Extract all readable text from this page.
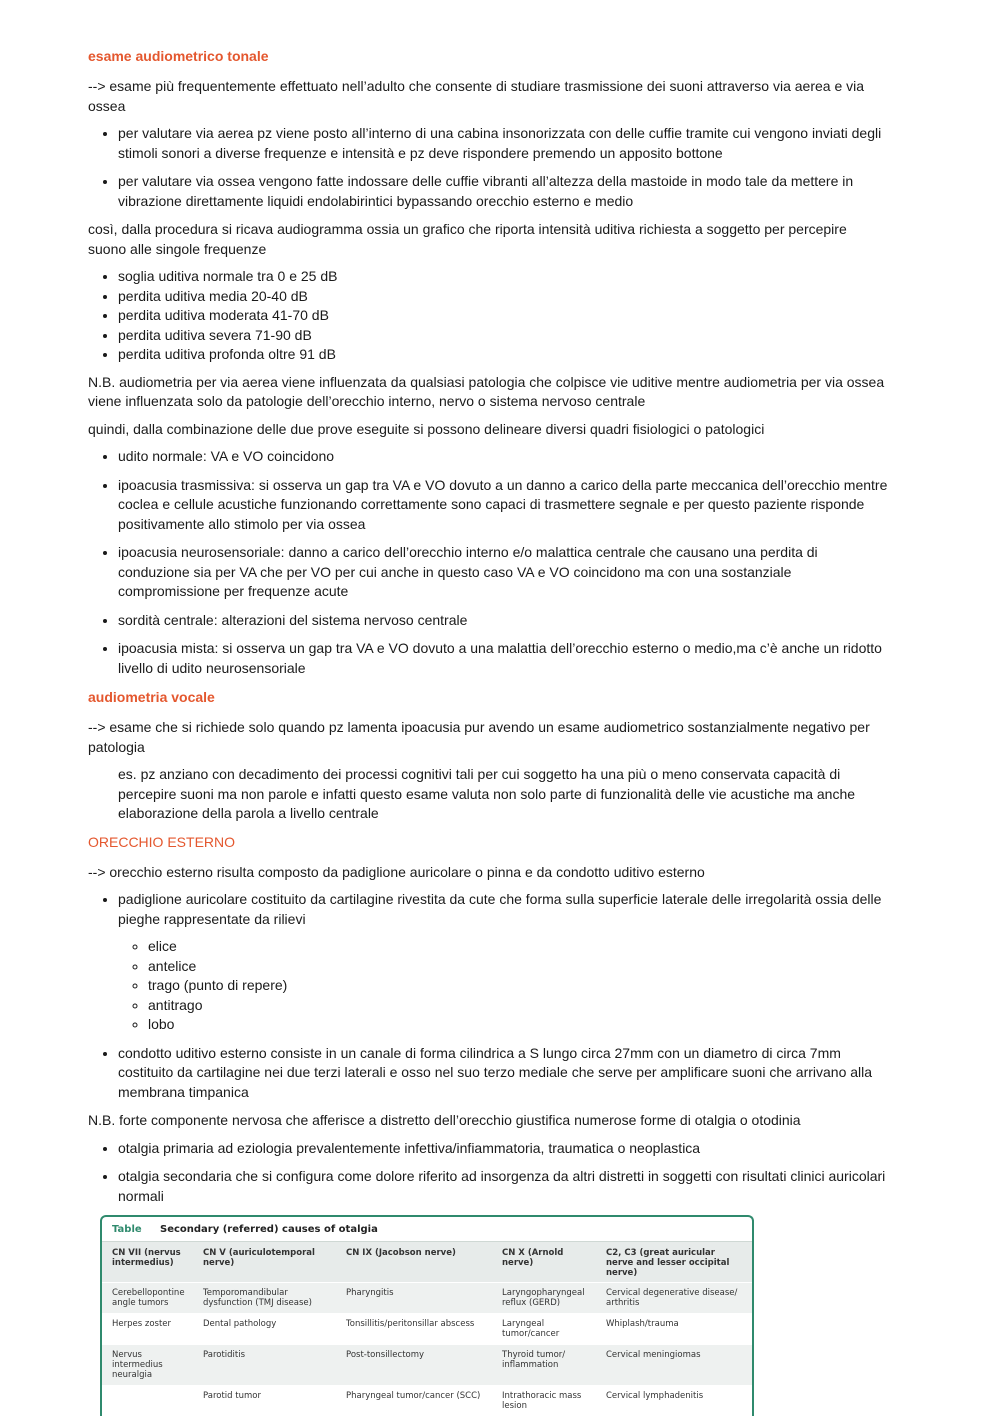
esame audiometrico tonale

--> esame più frequentemente effettuato nell’adulto che consente di studiare trasmissione dei suoni attraverso via aerea e via ossea

• per valutare via aerea pz viene posto all’interno di una cabina insonorizzata con delle cuffie tramite cui vengono inviati degli stimoli sonori a diverse frequenze e intensità e pz deve rispondere premendo un apposito bottone
• per valutare via ossea vengono fatte indossare delle cuffie vibranti all’altezza della mastoide in modo tale da mettere in vibrazione direttamente liquidi endolabirintici bypassando orecchio esterno e medio

così, dalla procedura si ricava audiogramma ossia un grafico che riporta intensità uditiva richiesta a soggetto per percepire suono alle singole frequenze

• soglia uditiva normale tra 0 e 25 dB
• perdita uditiva media 20-40 dB
• perdita uditiva moderata 41-70 dB
• perdita uditiva severa 71-90 dB
• perdita uditiva profonda oltre 91 dB

N.B. audiometria per via aerea viene influenzata da qualsiasi patologia che colpisce vie uditive mentre audiometria per via ossea viene influenzata solo da patologie dell’orecchio interno, nervo o sistema nervoso centrale

quindi, dalla combinazione delle due prove eseguite si possono delineare diversi quadri fisiologici o patologici

• udito normale: VA e VO coincidono
• ipoacusia trasmissiva: si osserva un gap tra VA e VO dovuto a un danno a carico della parte meccanica dell’orecchio mentre coclea e cellule acustiche funzionando correttamente sono capaci di trasmettere segnale e per questo paziente risponde positivamente allo stimolo per via ossea
• ipoacusia neurosensoriale: danno a carico dell’orecchio interno e/o malattica centrale che causano una perdita di conduzione sia per VA che per VO per cui anche in questo caso VA e VO coincidono ma con una sostanziale compromissione per frequenze acute
• sordità centrale: alterazioni del sistema nervoso centrale
• ipoacusia mista: si osserva un gap tra VA e VO dovuto a una malattia dell’orecchio esterno o medio,ma c’è anche un ridotto livello di udito neurosensoriale
audiometria vocale

--> esame che si richiede solo quando pz lamenta ipoacusia pur avendo un esame audiometrico sostanzialmente negativo per patologia

es. pz anziano con decadimento dei processi cognitivi tali per cui soggetto ha una più o meno conservata capacità di percepire suoni ma non parole e infatti questo esame valuta non solo parte di funzionalità delle vie acustiche ma anche elaborazione della parola a livello centrale

ORECCHIO ESTERNO

--> orecchio esterno risulta composto da padiglione auricolare o pinna e da condotto uditivo esterno

• padiglione auricolare costituito da cartilagine rivestita da cute che forma sulla superficie laterale delle irregolarità ossia delle pieghe rappresentate da rilievi
◦ elice
◦ antelice
◦ trago (punto di repere)
◦ antitrago
◦ lobo
• condotto uditivo esterno consiste in un canale di forma cilindrica a S lungo circa 27mm con un diametro di circa 7mm costituito da cartilagine nei due terzi laterali e osso nel suo terzo mediale che serve per amplificare suoni che arrivano alla membrana timpanica

N.B. forte componente nervosa che afferisce a distretto dell’orecchio giustifica numerose forme di otalgia o otodinia

• otalgia primaria ad eziologia prevalentemente infettiva/infiammatoria, traumatica o neoplastica
• otalgia secondaria che si configura come dolore riferito ad insorgenza da altri distretti in soggetti con risultati clinici auricolari normali
Table	Secondary (referred) causes of otalgia
CN VII (nervus intermedius)	CN V (auriculotemporal nerve)	CN IX (Jacobson nerve)	CN X (Arnold nerve)	C2, C3 (great auricular nerve and lesser occipital nerve)
Cerebellopontine angle tumors	Temporomandibular dysfunction (TMJ disease)	Pharyngitis	Laryngopharyngeal reflux (GERD)	Cervical degenerative disease/ arthritis
Herpes zoster	Dental pathology	Tonsillitis/peritonsillar abscess	Laryngeal tumor/cancer	Whiplash/trauma
Nervus intermedius neuralgia	Parotiditis	Post-tonsillectomy	Thyroid tumor/ inflammation	Cervical meningiomas
	Parotid tumor	Pharyngeal tumor/cancer (SCC)	Intrathoracic mass lesion	Cervical lymphadenitis
